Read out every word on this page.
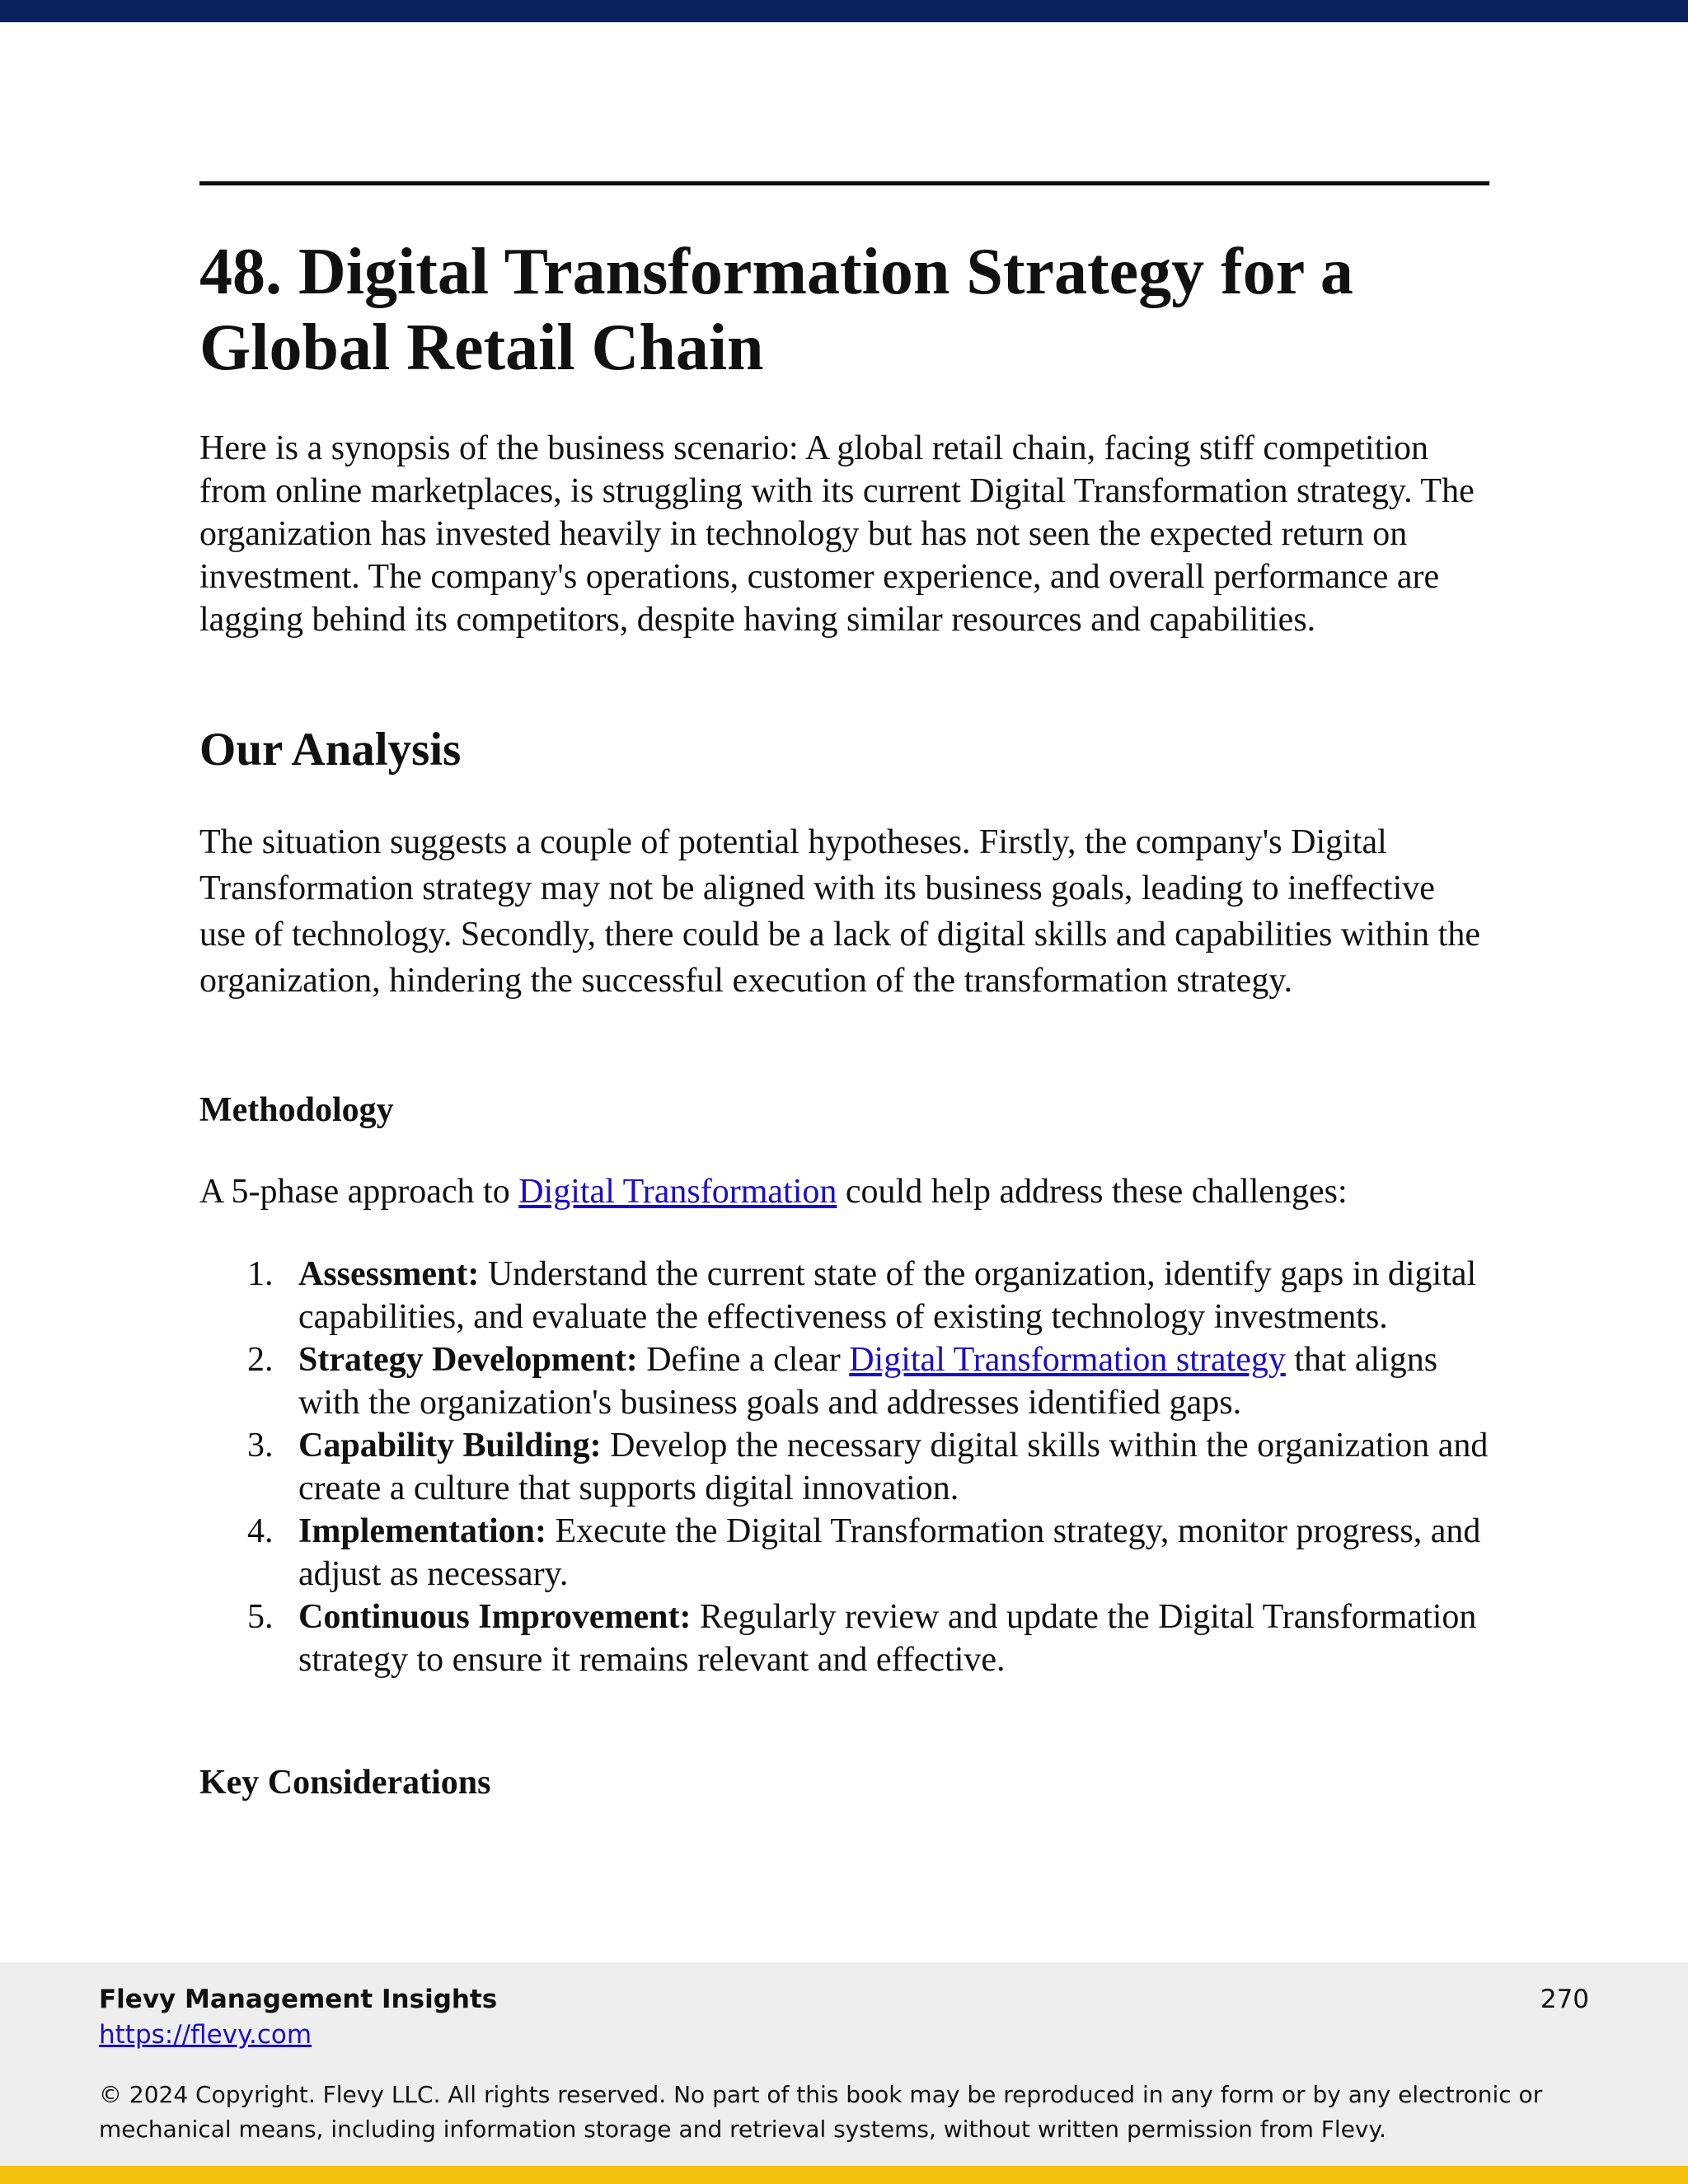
48. Digital Transformation Strategy for a Global Retail Chain

Here is a synopsis of the business scenario: A global retail chain, facing stiff competition from online marketplaces, is struggling with its current Digital Transformation strategy. The organization has invested heavily in technology but has not seen the expected return on investment. The company's operations, customer experience, and overall performance are lagging behind its competitors, despite having similar resources and capabilities.

Our Analysis

The situation suggests a couple of potential hypotheses. Firstly, the company's Digital Transformation strategy may not be aligned with its business goals, leading to ineffective use of technology. Secondly, there could be a lack of digital skills and capabilities within the organization, hindering the successful execution of the transformation strategy.

Methodology

A 5-phase approach to Digital Transformation could help address these challenges:

1. Assessment: Understand the current state of the organization, identify gaps in digital capabilities, and evaluate the effectiveness of existing technology investments.
2. Strategy Development: Define a clear Digital Transformation strategy that aligns with the organization's business goals and addresses identified gaps.
3. Capability Building: Develop the necessary digital skills within the organization and create a culture that supports digital innovation.
4. Implementation: Execute the Digital Transformation strategy, monitor progress, and adjust as necessary.
5. Continuous Improvement: Regularly review and update the Digital Transformation strategy to ensure it remains relevant and effective.
Key Considerations
Flevy Management Insights
https://flevy.com
270

© 2024 Copyright. Flevy LLC. All rights reserved. No part of this book may be reproduced in any form or by any electronic or mechanical means, including information storage and retrieval systems, without written permission from Flevy.
